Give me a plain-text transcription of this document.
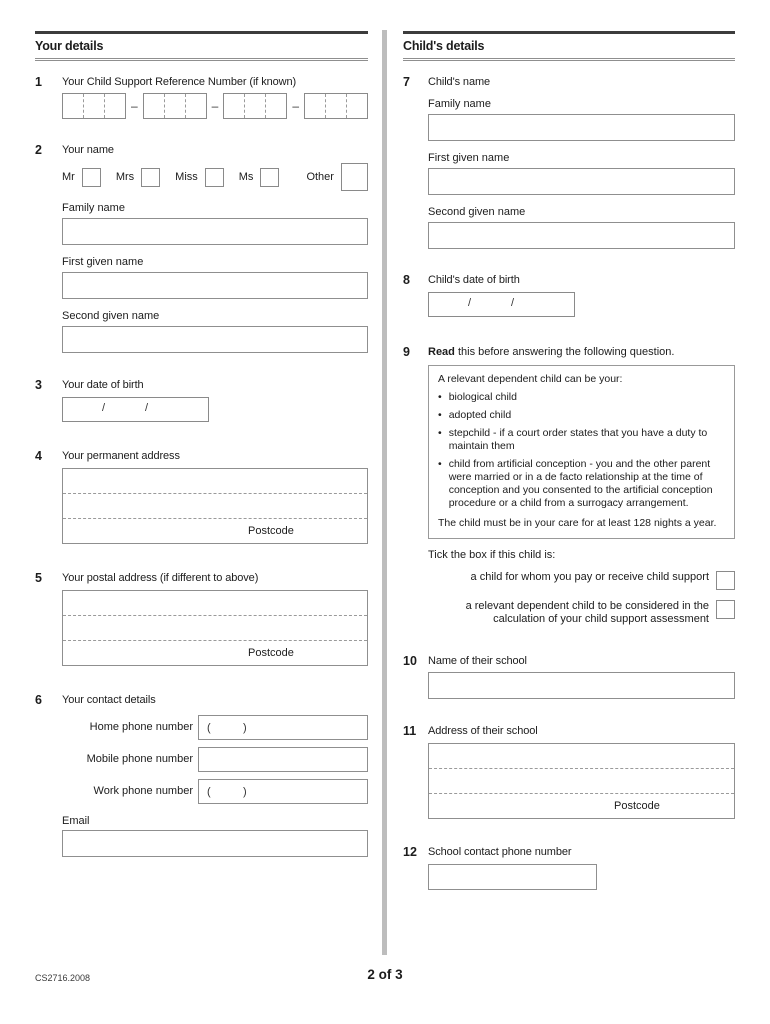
Your details
1	Your Child Support Reference Number (if known)
–	–	–
2	Your name
Mr	Mrs	Miss	Ms	Other
Family name
First given name
Second given name
3	Your date of birth
/	/
4	Your permanent address
Postcode
5	Your postal address (if different to above)
Postcode
6	Your contact details
Home phone number	(      )
Mobile phone number
Work phone number	(      )
Email
Child's details
7	Child's name
Family name
First given name
Second given name
8	Child's date of birth
/	/
9	Read this before answering the following question.
A relevant dependent child can be your:
• biological child
• adopted child
• stepchild - if a court order states that you have a duty to maintain them
• child from artificial conception - you and the other parent were married or in a de facto relationship at the time of conception and you consented to the artificial conception procedure or a child from a surrogacy arrangement.
The child must be in your care for at least 128 nights a year.
Tick the box if this child is:
a child for whom you pay or receive child support
a relevant dependent child to be considered in the calculation of your child support assessment
10	Name of their school
11	Address of their school
Postcode
12	School contact phone number
CS2716.2008	2 of 3
